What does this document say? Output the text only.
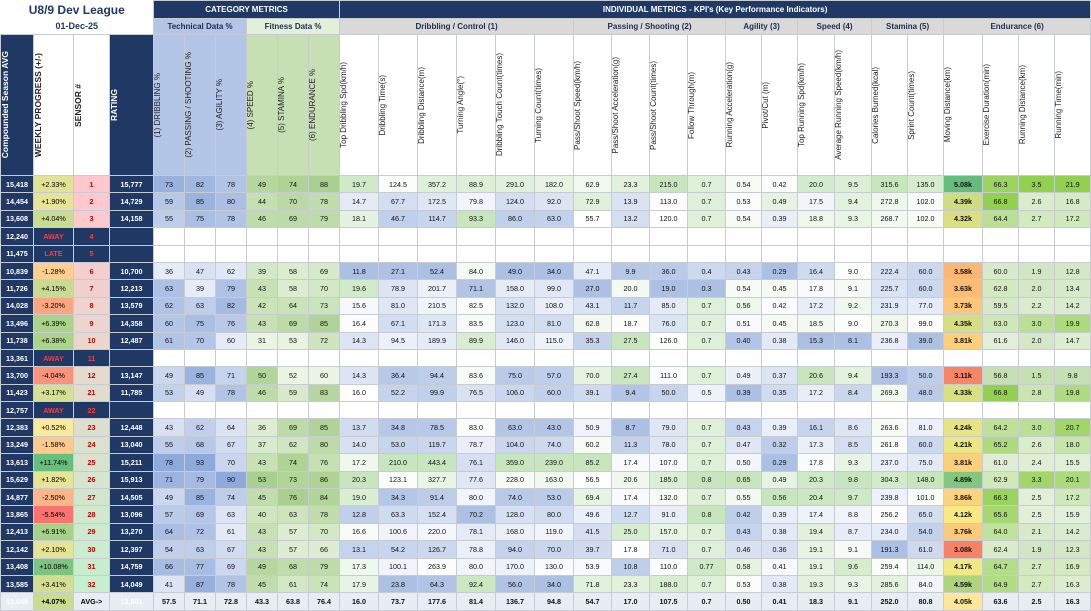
U8/9 Dev League				CATEGORY METRICS						INDIVIDUAL METRICS - KPI's (Key Performance Indicators)																			
01-Dec-25				Technical Data %			Fitness Data %			Dribbling / Control (1)						Passing / Shooting (2)				Agility (3)		Speed (4)		Stamina (5)		Endurance (6)			

Compounded Season AVG	WEEKLY PROGRESS (+/-)	SENSOR #	RATING	(1) DRIBBLING %	(2) PASSING / SHOOTING %	(3) AGILITY %	(4) SPEED %	(5) STAMINA %	(6) ENDURANCE %	Top Dribbling Spd(km/h)	Dribbling Time(s)	Dribbling Distance(m)	Turning Angle(°)	Dribbling Touch Count(times)	Turning Count(times)	Pass/Shoot Speed(km/h)	Pass/Shoot Acceleration(g)	Pass/Shoot Count(times)	Follow Through(m)	Running Acceleration(g)	Pivot/Cut (m)	Top Running Spd(km/h)	Average Running Speed(km/h)	Calories Burned(kcal)	Sprint Count(times)	Moving Distance(km)	Exercise Duration(min)	Running Distance(km)	Running Time(min)

15,418	+2.33%	1	15,777	73	82	78	49	74	88	19.7	124.5	357.2	88.9	291.0	182.0	62.9	23.3	215.0	0.7	0.54	0.42	20.0	9.5	315.6	135.0	5.08k	66.3	3.5	21.9
14,454	+1.90%	2	14,729	59	85	80	44	70	78	14.7	67.7	172.5	79.8	124.0	92.0	72.9	13.9	113.0	0.7	0.53	0.49	17.5	9.4	272.8	102.0	4.39k	66.8	2.6	16.8
13,608	+4.04%	3	14,158	55	75	78	46	69	79	18.1	46.7	114.7	93.3	86.0	63.0	55.7	13.2	120.0	0.7	0.54	0.39	18.8	9.3	268.7	102.0	4.32k	64.4	2.7	17.2
12,240	AWAY	4																											
11,475	LATE	5																											
10,839	-1.28%	6	10,700	36	47	62	39	58	69	11.8	27.1	52.4	84.0	49.0	34.0	47.1	9.9	36.0	0.4	0.43	0.29	16.4	9.0	222.4	60.0	3.58k	60.0	1.9	12.8
11,726	+4.15%	7	12,213	63	39	79	43	58	70	19.6	78.9	201.7	71.1	158.0	99.0	27.0	20.0	19.0	0.3	0.54	0.45	17.8	9.1	225.7	60.0	3.63k	62.8	2.0	13.4
14,028	-3.20%	8	13,579	62	63	82	42	64	73	15.6	81.0	210.5	82.5	132.0	108.0	43.1	11.7	85.0	0.7	0.56	0.42	17.2	9.2	231.9	77.0	3.73k	59.5	2.2	14.2
13,496	+6.39%	9	14,358	60	75	76	43	69	85	16.4	67.1	171.3	83.5	123.0	81.0	62.8	18.7	76.0	0.7	0.51	0.45	18.5	9.0	270.3	99.0	4.35k	63.0	3.0	19.9
11,738	+6.38%	10	12,487	61	70	60	31	53	72	14.3	94.5	189.9	89.9	146.0	115.0	35.3	27.5	126.0	0.7	0.40	0.38	15.3	8.1	236.8	39.0	3.81k	61.6	2.0	14.7
13,361	AWAY	11																											
13,700	-4.04%	12	13,147	49	85	71	50	52	60	14.3	36.4	94.4	83.6	75.0	57.0	70.0	27.4	111.0	0.7	0.49	0.37	20.6	9.4	193.3	50.0	3.11k	56.8	1.5	9.8
11,423	+3.17%	21	11,785	53	49	78	46	59	83	16.0	52.2	99.9	76.5	106.0	60.0	39.1	9.4	50.0	0.5	0.39	0.35	17.2	8.4	269.3	48.0	4.33k	66.8	2.8	19.8
12,757	AWAY	22																											
12,383	+0.52%	23	12,448	43	62	64	36	69	85	13.7	34.8	78.5	83.0	63.0	43.0	50.9	8.7	79.0	0.7	0.43	0.39	16.1	8.6	263.6	81.0	4.24k	64.2	3.0	20.7
13,249	-1.58%	24	13,040	55	68	67	37	62	80	14.0	53.0	119.7	78.7	104.0	74.0	60.2	11.3	78.0	0.7	0.47	0.32	17.3	8.5	261.8	60.0	4.21k	65.2	2.6	18.0
13,613	+11.74%	25	15,211	78	93	70	43	74	76	17.2	210.0	443.4	76.1	359.0	239.0	85.2	17.4	107.0	0.7	0.50	0.29	17.8	9.3	237.0	75.0	3.81k	61.0	2.4	15.5
15,629	+1.82%	26	15,913	71	79	90	53	73	86	20.3	123.1	327.7	77.6	228.0	163.0	56.5	20.6	185.0	0.8	0.65	0.49	20.3	9.8	304.3	148.0	4.89k	62.9	3.3	20.1
14,877	-2.50%	27	14,505	49	85	74	45	76	84	19.0	34.3	91.4	80.0	74.0	53.0	69.4	17.4	132.0	0.7	0.55	0.56	20.4	9.7	239.8	101.0	3.86k	66.3	2.5	17.2
13,865	-5.54%	28	13,096	57	69	63	40	63	78	12.8	63.3	152.4	70.2	128.0	80.0	49.6	12.7	91.0	0.8	0.42	0.39	17.4	8.8	256.2	65.0	4.12k	65.6	2.5	15.9
12,413	+6.91%	29	13,270	64	72	61	43	57	70	16.6	100.6	220.0	78.1	168.0	119.0	41.5	25.0	157.0	0.7	0.43	0.38	19.4	8.7	234.0	54.0	3.76k	64.0	2.1	14.2
12,142	+2.10%	30	12,397	54	63	67	43	57	66	13.1	54.2	126.7	78.8	94.0	70.0	39.7	17.8	71.0	0.7	0.46	0.36	19.1	9.1	191.3	61.0	3.08k	62.4	1.9	12.3
13,408	+10.08%	31	14,759	66	77	69	49	68	79	17.3	100.1	263.9	80.0	170.0	130.0	53.9	10.8	110.0	0.77	0.58	0.41	19.1	9.6	259.4	114.0	4.17k	64.7	2.7	16.9
13,585	+3.41%	32	14,049	41	87	78	45	61	74	17.9	23.8	64.3	92.4	56.0	34.0	71.8	23.3	188.0	0.7	0.53	0.38	19.3	9.3	285.6	84.0	4.59k	64.9	2.7	16.3
13,049	+4.07%	AVG->	13,581	57.5	71.1	72.8	43.3	63.8	76.4	16.0	73.7	177.6	81.4	136.7	94.8	54.7	17.0	107.5	0.7	0.50	0.41	18.3	9.1	252.0	80.8	4.05k	63.6	2.5	16.3
